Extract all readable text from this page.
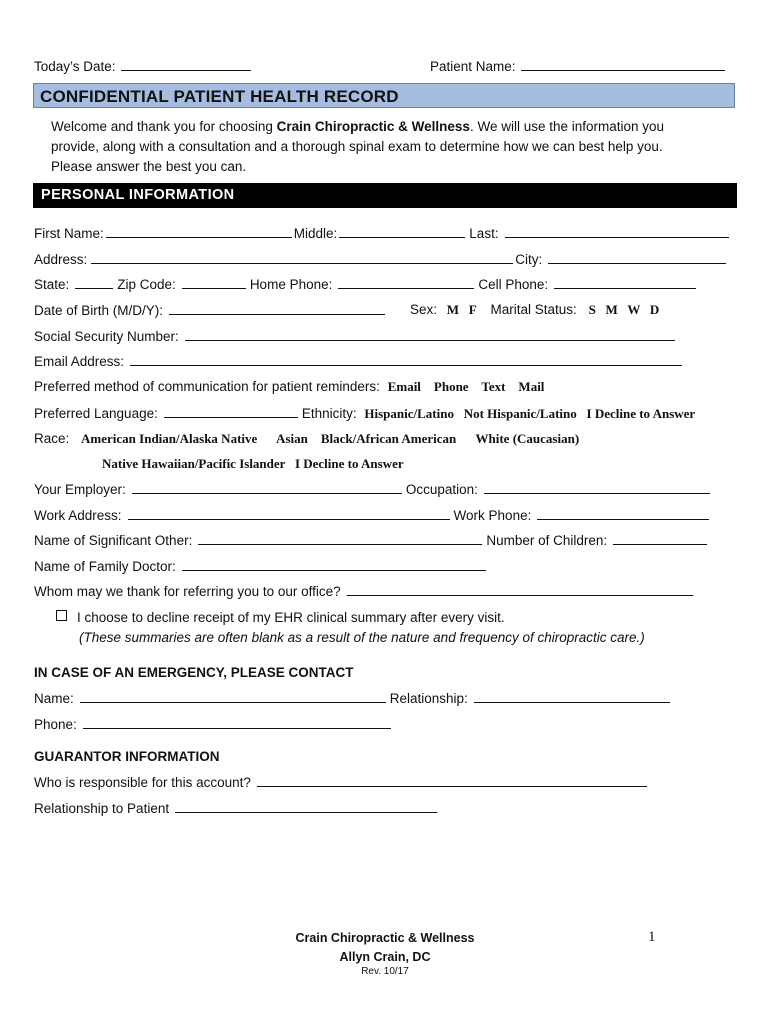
Today’s Date:	Patient Name:
CONFIDENTIAL PATIENT HEALTH RECORD
Welcome and thank you for choosing Crain Chiropractic & Wellness. We will use the information you
provide, along with a consultation and a thorough spinal exam to determine how we can best help you.
Please answer the best you can.
PERSONAL INFORMATION
First Name:	Middle:	Last:
Address:	City:
State:	Zip Code:	Home Phone:	Cell Phone:
Date of Birth (M/D/Y):	Sex: M   F Marital Status: S   M   W   D
Social Security Number:
Email Address:
Preferred method of communication for patient reminders: Email    Phone    Text    Mail
Preferred Language:	Ethnicity: Hispanic/Latino   Not Hispanic/Latino   I Decline to Answer
Race: American Indian/Alaska Native      Asian    Black/African American      White (Caucasian)
Native Hawaiian/Pacific Islander   I Decline to Answer
Your Employer:	Occupation:
Work Address:	Work Phone:
Name of Significant Other:	Number of Children:
Name of Family Doctor:
Whom may we thank for referring you to our office?
I choose to decline receipt of my EHR clinical summary after every visit.
(These summaries are often blank as a result of the nature and frequency of chiropractic care.)
IN CASE OF AN EMERGENCY, PLEASE CONTACT
Name:	Relationship:
Phone:
GUARANTOR INFORMATION
Who is responsible for this account?
Relationship to Patient
Crain Chiropractic & Wellness
Allyn Crain, DC
Rev. 10/17
1
